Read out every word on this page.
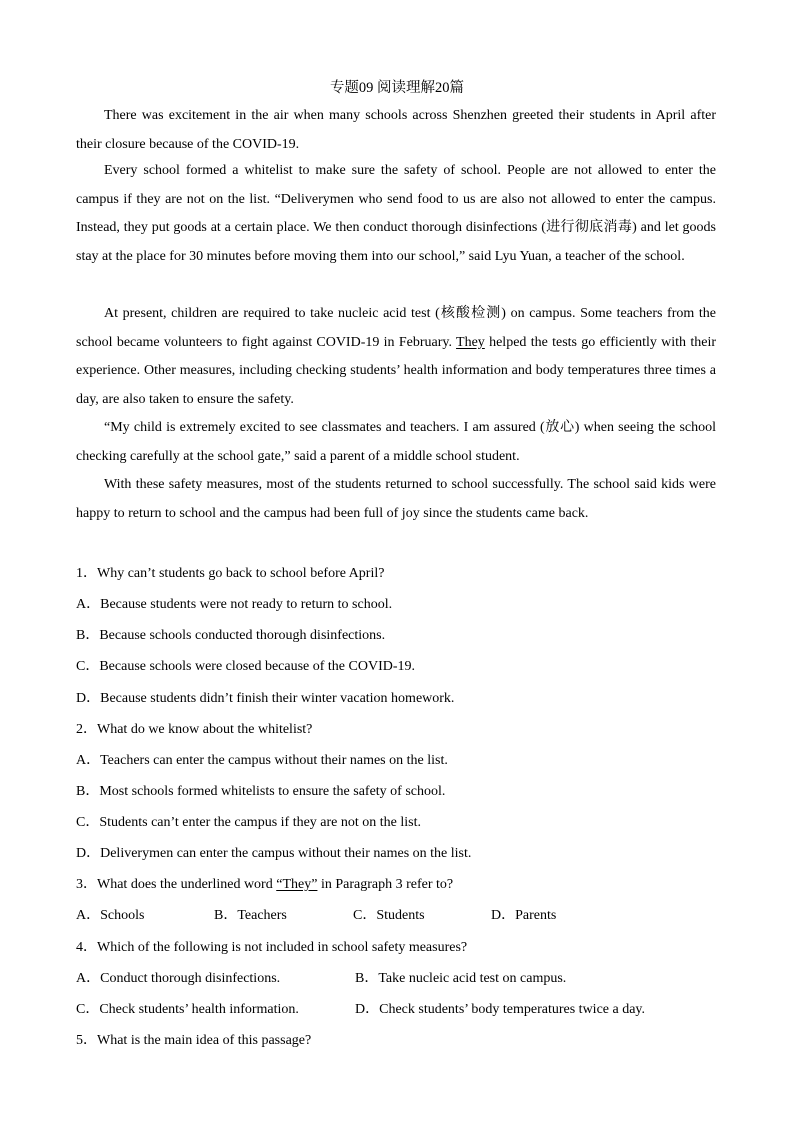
专题09 阅读理解20篇

There was excitement in the air when many schools across Shenzhen greeted their students in April after their closure because of the COVID-19.

Every school formed a whitelist to make sure the safety of school. People are not allowed to enter the campus if they are not on the list. “Deliverymen who send food to us are also not allowed to enter the campus. Instead, they put goods at a certain place. We then conduct thorough disinfections (进行彻底消毒) and let goods stay at the place for 30 minutes before moving them into our school,” said Lyu Yuan, a teacher of the school.

At present, children are required to take nucleic acid test (核酸检测) on campus. Some teachers from the school became volunteers to fight against COVID-19 in February. They helped the tests go efficiently with their experience. Other measures, including checking students’ health information and body temperatures three times a day, are also taken to ensure the safety.

“My child is extremely excited to see classmates and teachers. I am assured (放心) when seeing the school checking carefully at the school gate,” said a parent of a middle school student.

With these safety measures, most of the students returned to school successfully. The school said kids were happy to return to school and the campus had been full of joy since the students came back.

1．Why can’t students go back to school before April?
A．Because students were not ready to return to school.
B．Because schools conducted thorough disinfections.
C．Because schools were closed because of the COVID-19.
D．Because students didn’t finish their winter vacation homework.
2．What do we know about the whitelist?
A．Teachers can enter the campus without their names on the list.
B．Most schools formed whitelists to ensure the safety of school.
C．Students can’t enter the campus if they are not on the list.
D．Deliverymen can enter the campus without their names on the list.
3．What does the underlined word “They” in Paragraph 3 refer to?
A．Schools	B．Teachers	C．Students	D．Parents
4．Which of the following is not included in school safety measures?
A．Conduct thorough disinfections.	B．Take nucleic acid test on campus.
C．Check students’ health information.	D．Check students’ body temperatures twice a day.
5．What is the main idea of this passage?
